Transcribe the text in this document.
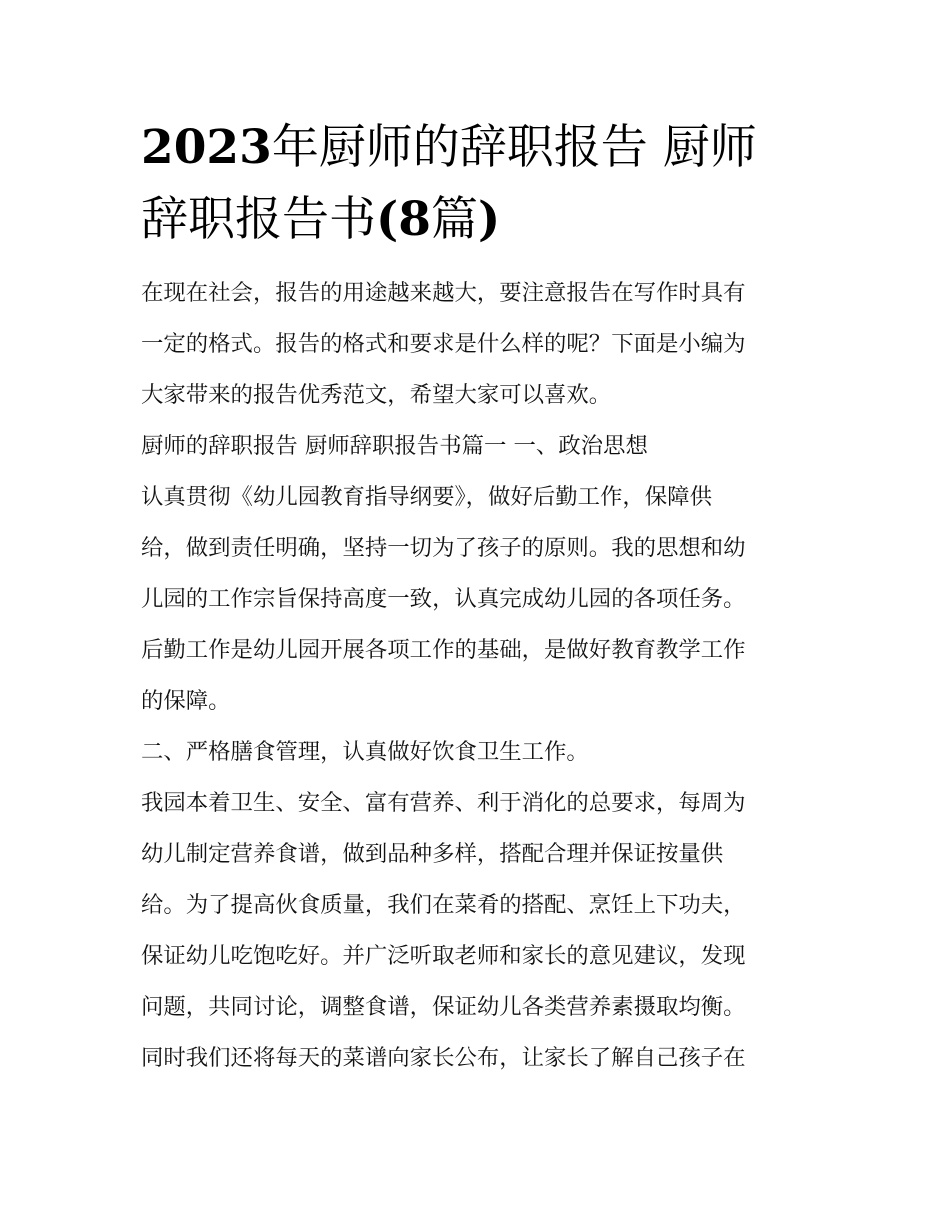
2023年厨师的辞职报告 厨师
辞职报告书(8篇)
在现在社会，报告的用途越来越大，要注意报告在写作时具有
一定的格式。报告的格式和要求是什么样的呢？下面是小编为
大家带来的报告优秀范文，希望大家可以喜欢。
厨师的辞职报告 厨师辞职报告书篇一 一、政治思想
认真贯彻《幼儿园教育指导纲要》，做好后勤工作，保障供
给，做到责任明确，坚持一切为了孩子的原则。我的思想和幼
儿园的工作宗旨保持高度一致，认真完成幼儿园的各项任务。
后勤工作是幼儿园开展各项工作的基础，是做好教育教学工作
的保障。
二、严格膳食管理，认真做好饮食卫生工作。
我园本着卫生、安全、富有营养、利于消化的总要求，每周为
幼儿制定营养食谱，做到品种多样，搭配合理并保证按量供
给。为了提高伙食质量，我们在菜肴的搭配、烹饪上下功夫，
保证幼儿吃饱吃好。并广泛听取老师和家长的意见建议，发现
问题，共同讨论，调整食谱，保证幼儿各类营养素摄取均衡。
同时我们还将每天的菜谱向家长公布，让家长了解自己孩子在
